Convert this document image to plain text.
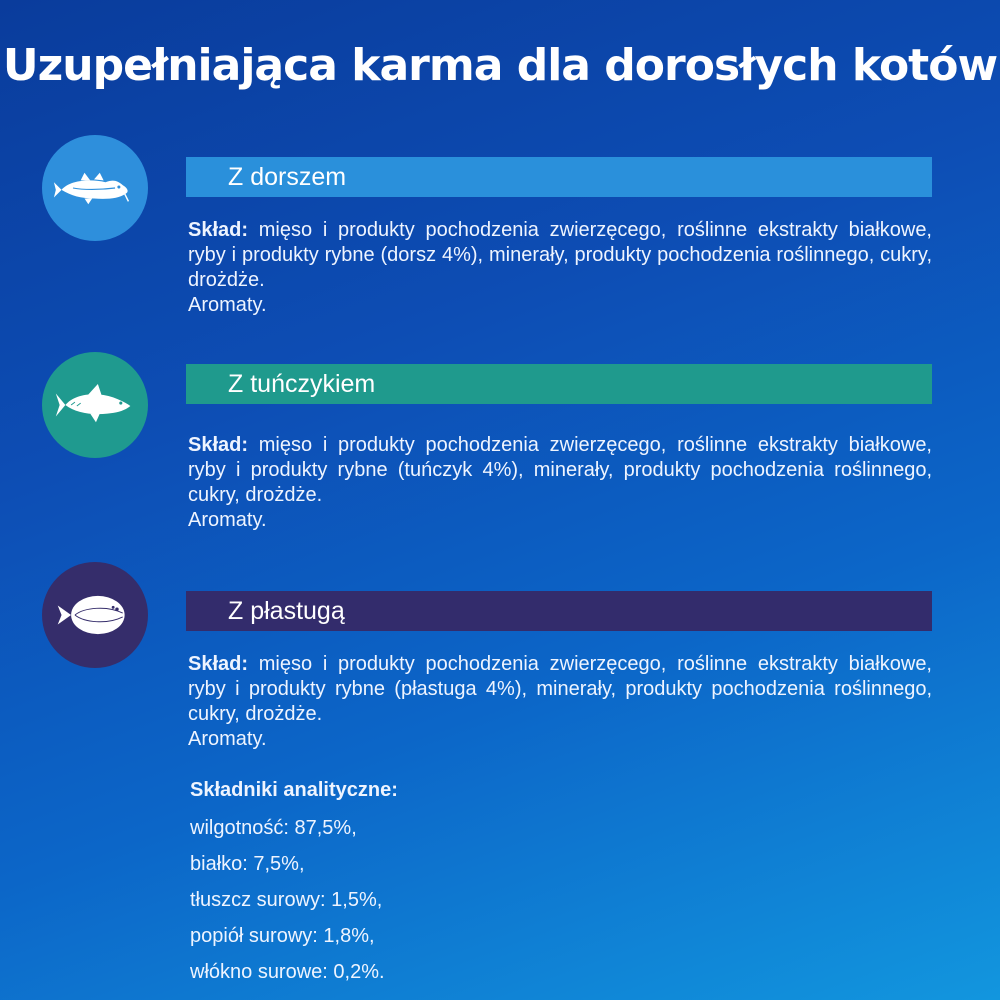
Uzupełniająca karma dla dorosłych kotów
Z dorszem
Skład: mięso i produkty pochodzenia zwierzęcego, roślinne ekstrakty białkowe, ryby i produkty rybne (dorsz 4%), minerały, produkty pochodzenia roślinnego, cukry, drożdże.
Aromaty.
Z tuńczykiem
Skład: mięso i produkty pochodzenia zwierzęcego, roślinne ekstrakty białkowe, ryby i produkty rybne (tuńczyk 4%), minerały, produkty pochodzenia roślinnego, cukry, drożdże.
Aromaty.
Z płastugą
Skład: mięso i produkty pochodzenia zwierzęcego, roślinne ekstrakty białkowe, ryby i produkty rybne (płastuga 4%), minerały, produkty pochodzenia roślinnego, cukry, drożdże.
Aromaty.
Składniki analityczne:
wilgotność: 87,5%,
białko: 7,5%,
tłuszcz surowy: 1,5%,
popiół surowy: 1,8%,
włókno surowe: 0,2%.
